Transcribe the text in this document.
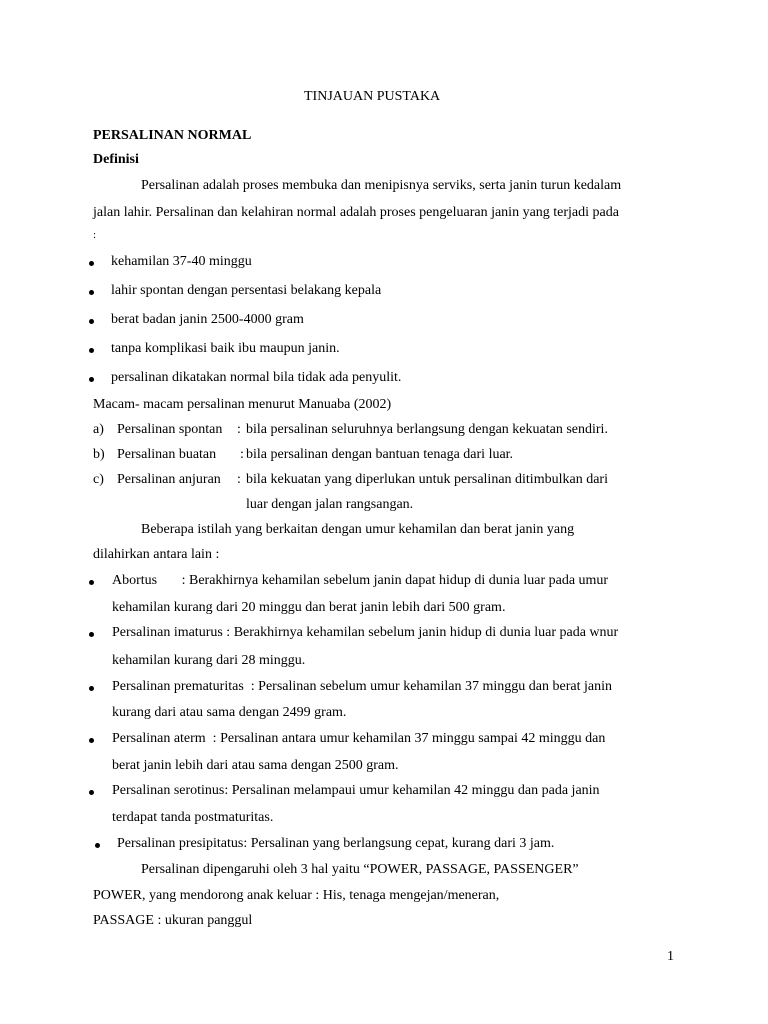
TINJAUAN PUSTAKA
PERSALINAN NORMAL
Definisi
Persalinan adalah proses membuka dan menipisnya serviks, serta janin turun kedalam
jalan lahir. Persalinan dan kelahiran normal adalah proses pengeluaran janin yang terjadi pada
:
kehamilan 37-40 minggu
lahir spontan dengan persentasi belakang kepala
berat badan janin 2500-4000 gram
tanpa komplikasi baik ibu maupun janin.
persalinan dikatakan normal bila tidak ada penyulit.
Macam- macam persalinan menurut Manuaba (2002)
a) Persalinan spontan : bila persalinan seluruhnya berlangsung dengan kekuatan sendiri.
b) Persalinan buatan : bila persalinan dengan bantuan tenaga dari luar.
c) Persalinan anjuran : bila kekuatan yang diperlukan untuk persalinan ditimbulkan dari
luar dengan jalan rangsangan.
Beberapa istilah yang berkaitan dengan umur kehamilan dan berat janin yang
dilahirkan antara lain :
Abortus       : Berakhirnya kehamilan sebelum janin dapat hidup di dunia luar pada umur
kehamilan kurang dari 20 minggu dan berat janin lebih dari 500 gram.
Persalinan imaturus : Berakhirnya kehamilan sebelum janin hidup di dunia luar pada wnur
kehamilan kurang dari 28 minggu.
Persalinan prematuritas  : Persalinan sebelum umur kehamilan 37 minggu dan berat janin
kurang dari atau sama dengan 2499 gram.
Persalinan aterm  : Persalinan antara umur kehamilan 37 minggu sampai 42 minggu dan
berat janin lebih dari atau sama dengan 2500 gram.
Persalinan serotinus: Persalinan melampaui umur kehamilan 42 minggu dan pada janin
terdapat tanda postmaturitas.
Persalinan presipitatus: Persalinan yang berlangsung cepat, kurang dari 3 jam.
Persalinan dipengaruhi oleh 3 hal yaitu “POWER, PASSAGE, PASSENGER”
POWER, yang mendorong anak keluar : His, tenaga mengejan/meneran,
PASSAGE : ukuran panggul
1
